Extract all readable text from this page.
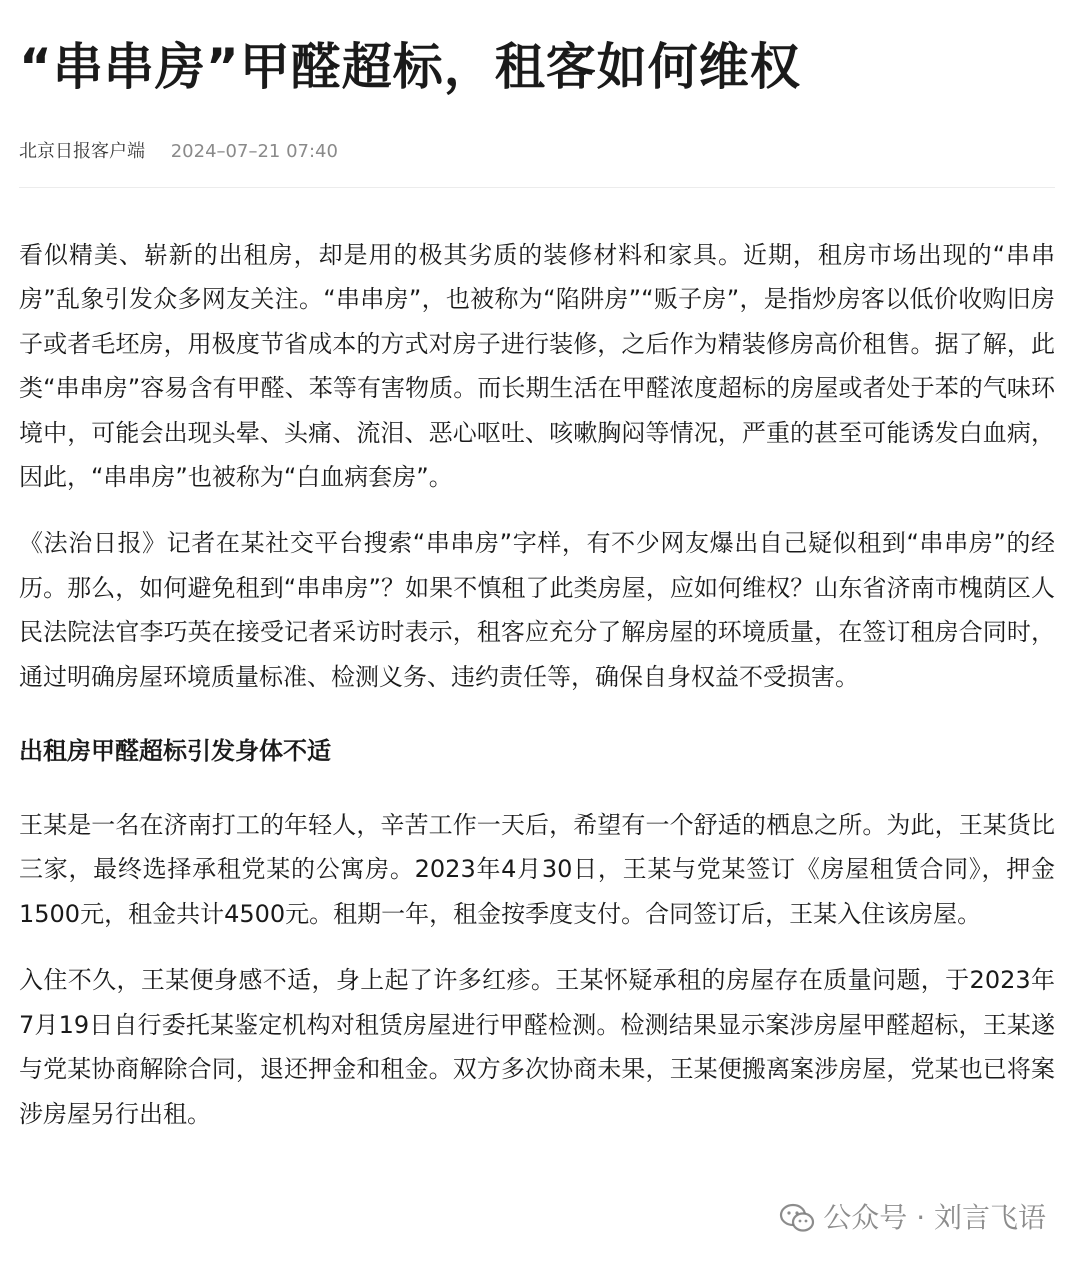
“串串房”甲醛超标，租客如何维权
北京日报客户端 2024–07–21 07:40

看似精美、崭新的出租房，却是用的极其劣质的装修材料和家具。近期，租房市场出现的“串串房”乱象引发众多网友关注。“串串房”，也被称为“陷阱房”“贩子房”，是指炒房客以低价收购旧房子或者毛坯房，用极度节省成本的方式对房子进行装修，之后作为精装修房高价租售。据了解，此类“串串房”容易含有甲醛、苯等有害物质。而长期生活在甲醛浓度超标的房屋或者处于苯的气味环境中，可能会出现头晕、头痛、流泪、恶心呕吐、咳嗽胸闷等情况，严重的甚至可能诱发白血病，因此，“串串房”也被称为“白血病套房”。

《法治日报》记者在某社交平台搜索“串串房”字样，有不少网友爆出自己疑似租到“串串房”的经历。那么，如何避免租到“串串房”？如果不慎租了此类房屋，应如何维权？山东省济南市槐荫区人民法院法官李巧英在接受记者采访时表示，租客应充分了解房屋的环境质量，在签订租房合同时，通过明确房屋环境质量标准、检测义务、违约责任等，确保自身权益不受损害。

出租房甲醛超标引发身体不适

王某是一名在济南打工的年轻人，辛苦工作一天后，希望有一个舒适的栖息之所。为此，王某货比三家，最终选择承租党某的公寓房。2023年4月30日，王某与党某签订《房屋租赁合同》，押金1500元，租金共计4500元。租期一年，租金按季度支付。合同签订后，王某入住该房屋。

入住不久，王某便身感不适，身上起了许多红疹。王某怀疑承租的房屋存在质量问题，于2023年7月19日自行委托某鉴定机构对租赁房屋进行甲醛检测。检测结果显示案涉房屋甲醛超标，王某遂与党某协商解除合同，退还押金和租金。双方多次协商未果，王某便搬离案涉房屋，党某也已将案涉房屋另行出租。

公众号 · 刘言飞语
